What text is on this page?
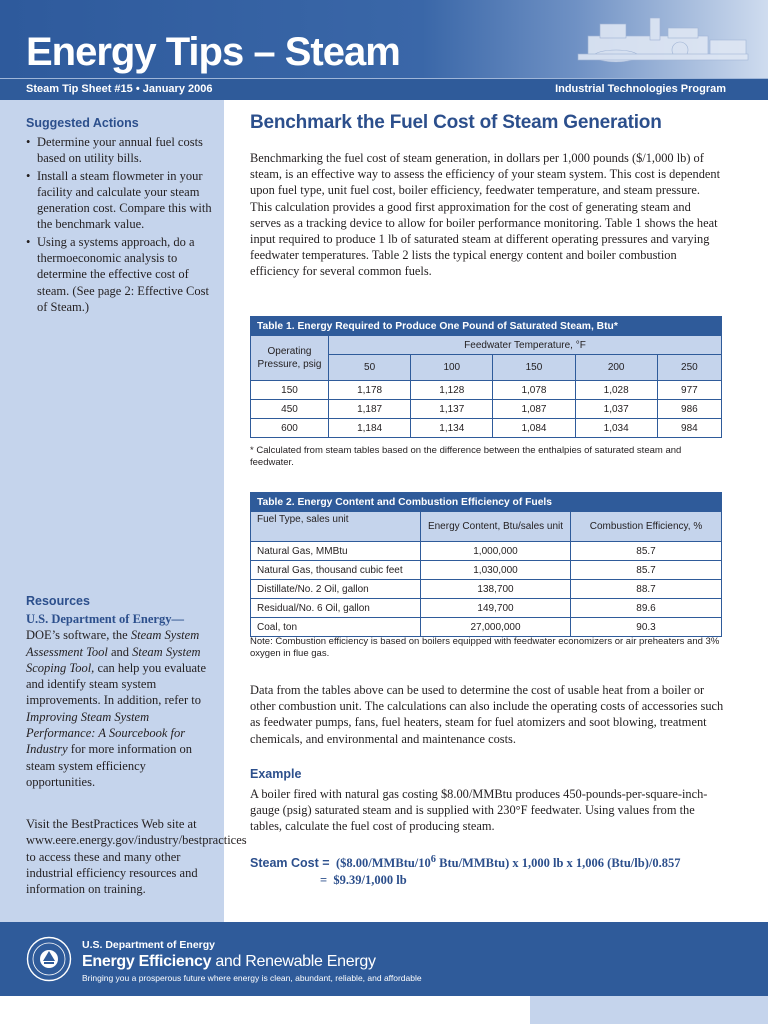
Energy Tips – Steam
Steam Tip Sheet #15 • January 2006	Industrial Technologies Program
Suggested Actions
• Determine your annual fuel costs based on utility bills.
• Install a steam flowmeter in your facility and calculate your steam generation cost. Compare this with the benchmark value.
• Using a systems approach, do a thermoeconomic analysis to determine the effective cost of steam. (See page 2: Effective Cost of Steam.)
Resources
U.S. Department of Energy— DOE’s software, the Steam System Assessment Tool and Steam System Scoping Tool, can help you evaluate and identify steam system improvements. In addition, refer to Improving Steam System Performance: A Sourcebook for Industry for more information on steam system efficiency opportunities.
Visit the BestPractices Web site at www.eere.energy.gov/industry/bestpractices to access these and many other industrial efficiency resources and information on training.
Benchmark the Fuel Cost of Steam Generation
Benchmarking the fuel cost of steam generation, in dollars per 1,000 pounds ($/1,000 lb) of steam, is an effective way to assess the efficiency of your steam system. This cost is dependent upon fuel type, unit fuel cost, boiler efficiency, feedwater temperature, and steam pressure. This calculation provides a good first approximation for the cost of generating steam and serves as a tracking device to allow for boiler performance monitoring. Table 1 shows the heat input required to produce 1 lb of saturated steam at different operating pressures and varying feedwater temperatures. Table 2 lists the typical energy content and boiler combustion efficiency for several common fuels.
Table 1. Energy Required to Produce One Pound of Saturated Steam, Btu*					
Operating Pressure, psig	Feedwater Temperature, °F				
	50	100	150	200	250
150	1,178	1,128	1,078	1,028	977
450	1,187	1,137	1,087	1,037	986
600	1,184	1,134	1,084	1,034	984
* Calculated from steam tables based on the difference between the enthalpies of saturated steam and feedwater.
Table 2. Energy Content and Combustion Efficiency of Fuels		
Fuel Type, sales unit	Energy Content, Btu/sales unit	Combustion Efficiency, %
Natural Gas, MMBtu	1,000,000	85.7
Natural Gas, thousand cubic feet	1,030,000	85.7
Distillate/No. 2 Oil, gallon	138,700	88.7
Residual/No. 6 Oil, gallon	149,700	89.6
Coal, ton	27,000,000	90.3
Note: Combustion efficiency is based on boilers equipped with feedwater economizers or air preheaters and 3% oxygen in flue gas.
Data from the tables above can be used to determine the cost of usable heat from a boiler or other combustion unit. The calculations can also include the operating costs of accessories such as feedwater pumps, fans, fuel heaters, steam for fuel atomizers and soot blowing, treatment chemicals, and environmental and maintenance costs.
Example
A boiler fired with natural gas costing $8.00/MMBtu produces 450-pounds-per-square-inch-gauge (psig) saturated steam and is supplied with 230°F feedwater. Using values from the tables, calculate the fuel cost of producing steam.
Steam Cost = ($\$8.00/MMBtu/10^6$ Btu/MMBtu) x 1,000 lb x 1,006 (Btu/lb)/0.857
= $9.39/1,000 lb
U.S. Department of Energy
Energy Efficiency and Renewable Energy
Bringing you a prosperous future where energy is clean, abundant, reliable, and affordable
